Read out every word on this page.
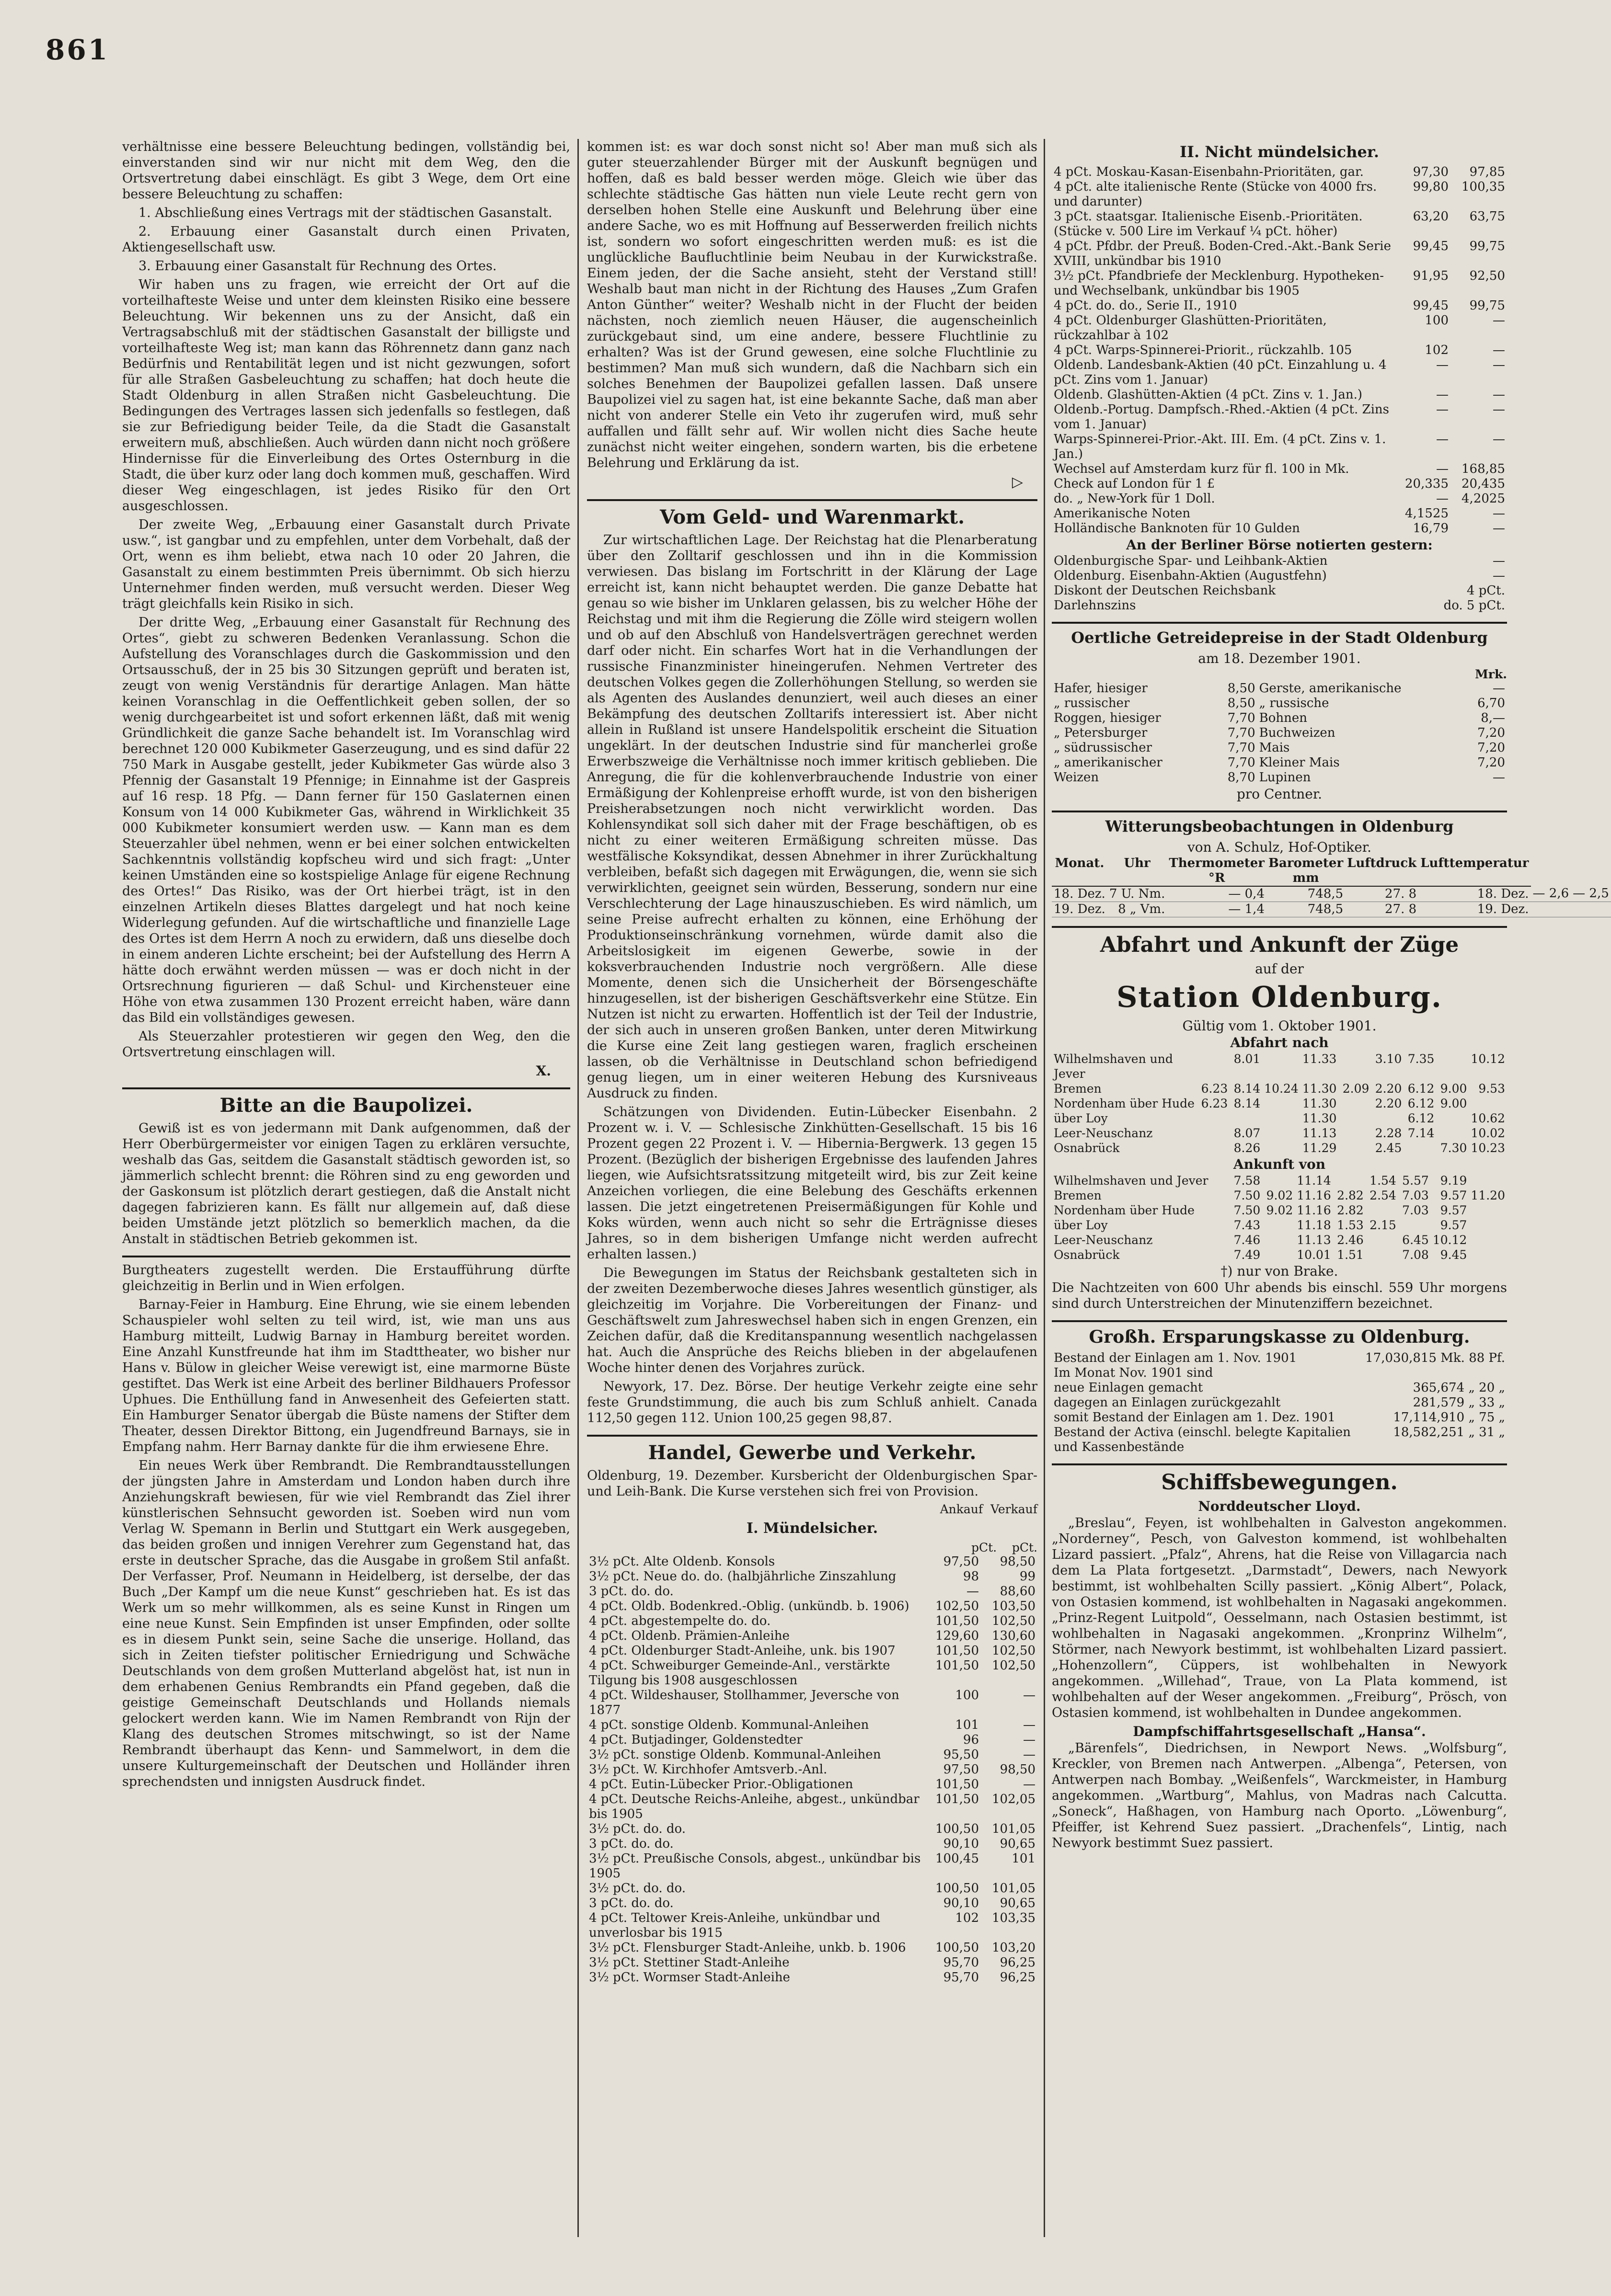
861

verhältnisse eine bessere Beleuchtung bedingen, vollständig bei, einverstanden sind wir nur nicht mit dem Weg, den die Ortsvertretung dabei einschlägt. Es gibt 3 Wege, dem Ort eine bessere Beleuchtung zu schaffen:

1. Abschließung eines Vertrags mit der städtischen Gasanstalt.

2. Erbauung einer Gasanstalt durch einen Privaten, Aktiengesellschaft usw.

3. Erbauung einer Gasanstalt für Rechnung des Ortes.

Wir haben uns zu fragen, wie erreicht der Ort auf die vorteilhafteste Weise und unter dem kleinsten Risiko eine bessere Beleuchtung. Wir bekennen uns zu der Ansicht, daß ein Vertragsabschluß mit der städtischen Gasanstalt der billigste und vorteilhafteste Weg ist; man kann das Röhrennetz dann ganz nach Bedürfnis und Rentabilität legen und ist nicht gezwungen, sofort für alle Straßen Gasbeleuchtung zu schaffen; hat doch heute die Stadt Oldenburg in allen Straßen nicht Gasbeleuchtung. Die Bedingungen des Vertrages lassen sich jedenfalls so festlegen, daß sie zur Befriedigung beider Teile, da die Stadt die Gasanstalt erweitern muß, abschließen. Auch würden dann nicht noch größere Hindernisse für die Einverleibung des Ortes Osternburg in die Stadt, die über kurz oder lang doch kommen muß, geschaffen. Wird dieser Weg eingeschlagen, ist jedes Risiko für den Ort ausgeschlossen.

Der zweite Weg, „Erbauung einer Gasanstalt durch Private usw.“, ist gangbar und zu empfehlen, unter dem Vorbehalt, daß der Ort, wenn es ihm beliebt, etwa nach 10 oder 20 Jahren, die Gasanstalt zu einem bestimmten Preis übernimmt. Ob sich hierzu Unternehmer finden werden, muß versucht werden. Dieser Weg trägt gleichfalls kein Risiko in sich.

Der dritte Weg, „Erbauung einer Gasanstalt für Rechnung des Ortes“, giebt zu schweren Bedenken Veranlassung. Schon die Aufstellung des Voranschlages durch die Gaskommission und den Ortsausschuß, der in 25 bis 30 Sitzungen geprüft und beraten ist, zeugt von wenig Verständnis für derartige Anlagen. Man hätte keinen Voranschlag in die Oeffentlichkeit geben sollen, der so wenig durchgearbeitet ist und sofort erkennen läßt, daß mit wenig Gründlichkeit die ganze Sache behandelt ist. Im Voranschlag wird berechnet 120 000 Kubikmeter Gaserzeugung, und es sind dafür 22 750 Mark in Ausgabe gestellt, jeder Kubikmeter Gas würde also 3 Pfennig der Gasanstalt 19 Pfennige; in Einnahme ist der Gaspreis auf 16 resp. 18 Pfg. — Dann ferner für 150 Gaslaternen einen Konsum von 14 000 Kubikmeter Gas, während in Wirklichkeit 35 000 Kubikmeter konsumiert werden usw. — Kann man es dem Steuerzahler übel nehmen, wenn er bei einer solchen entwickelten Sachkenntnis vollständig kopfscheu wird und sich fragt: „Unter keinen Umständen eine so kostspielige Anlage für eigene Rechnung des Ortes!“ Das Risiko, was der Ort hierbei trägt, ist in den einzelnen Artikeln dieses Blattes dargelegt und hat noch keine Widerlegung gefunden. Auf die wirtschaftliche und finanzielle Lage des Ortes ist dem Herrn A noch zu erwidern, daß uns dieselbe doch in einem anderen Lichte erscheint; bei der Aufstellung des Herrn A hätte doch erwähnt werden müssen — was er doch nicht in der Ortsrechnung figurieren — daß Schul- und Kirchensteuer eine Höhe von etwa zusammen 130 Prozent erreicht haben, wäre dann das Bild ein vollständiges gewesen.

Als Steuerzahler protestieren wir gegen den Weg, den die Ortsvertretung einschlagen will.

X.
Bitte an die Baupolizei.

Gewiß ist es von jedermann mit Dank aufgenommen, daß der Herr Oberbürgermeister vor einigen Tagen zu erklären versuchte, weshalb das Gas, seitdem die Gasanstalt städtisch geworden ist, so jämmerlich schlecht brennt: die Röhren sind zu eng geworden und der Gaskonsum ist plötzlich derart gestiegen, daß die Anstalt nicht dagegen fabrizieren kann. Es fällt nur allgemein auf, daß diese beiden Umstände jetzt plötzlich so bemerklich machen, da die Anstalt in städtischen Betrieb gekommen ist.

Burgtheaters zugestellt werden. Die Erstaufführung dürfte gleichzeitig in Berlin und in Wien erfolgen.

Barnay-Feier in Hamburg. Eine Ehrung, wie sie einem lebenden Schauspieler wohl selten zu teil wird, ist, wie man uns aus Hamburg mitteilt, Ludwig Barnay in Hamburg bereitet worden. Eine Anzahl Kunstfreunde hat ihm im Stadttheater, wo bisher nur Hans v. Bülow in gleicher Weise verewigt ist, eine marmorne Büste gestiftet. Das Werk ist eine Arbeit des berliner Bildhauers Professor Uphues. Die Enthüllung fand in Anwesenheit des Gefeierten statt. Ein Hamburger Senator übergab die Büste namens der Stifter dem Theater, dessen Direktor Bittong, ein Jugendfreund Barnays, sie in Empfang nahm. Herr Barnay dankte für die ihm erwiesene Ehre.

Ein neues Werk über Rembrandt. Die Rembrandtausstellungen der jüngsten Jahre in Amsterdam und London haben durch ihre Anziehungskraft bewiesen, für wie viel Rembrandt das Ziel ihrer künstlerischen Sehnsucht geworden ist. Soeben wird nun vom Verlag W. Spemann in Berlin und Stuttgart ein Werk ausgegeben, das beiden großen und innigen Verehrer zum Gegenstand hat, das erste in deutscher Sprache, das die Ausgabe in großem Stil anfaßt. Der Verfasser, Prof. Neumann in Heidelberg, ist derselbe, der das Buch „Der Kampf um die neue Kunst“ geschrieben hat. Es ist das Werk um so mehr willkommen, als es seine Kunst in Ringen um eine neue Kunst. Sein Empfinden ist unser Empfinden, oder sollte es in diesem Punkt sein, seine Sache die unserige. Holland, das sich in Zeiten tiefster politischer Erniedrigung und Schwäche Deutschlands von dem großen Mutterland abgelöst hat, ist nun in dem erhabenen Genius Rembrandts ein Pfand gegeben, daß die geistige Gemeinschaft Deutschlands und Hollands niemals gelockert werden kann. Wie im Namen Rembrandt von Rijn der Klang des deutschen Stromes mitschwingt, so ist der Name Rembrandt überhaupt das Kenn- und Sammelwort, in dem die unsere Kulturgemeinschaft der Deutschen und Holländer ihren sprechendsten und innigsten Ausdruck findet.

kommen ist: es war doch sonst nicht so! Aber man muß sich als guter steuerzahlender Bürger mit der Auskunft begnügen und hoffen, daß es bald besser werden möge. Gleich wie über das schlechte städtische Gas hätten nun viele Leute recht gern von derselben hohen Stelle eine Auskunft und Belehrung über eine andere Sache, wo es mit Hoffnung auf Besserwerden freilich nichts ist, sondern wo sofort eingeschritten werden muß: es ist die unglückliche Baufluchtlinie beim Neubau in der Kurwickstraße. Einem jeden, der die Sache ansieht, steht der Verstand still! Weshalb baut man nicht in der Richtung des Hauses „Zum Grafen Anton Günther“ weiter? Weshalb nicht in der Flucht der beiden nächsten, noch ziemlich neuen Häuser, die augenscheinlich zurückgebaut sind, um eine andere, bessere Fluchtlinie zu erhalten? Was ist der Grund gewesen, eine solche Fluchtlinie zu bestimmen? Man muß sich wundern, daß die Nachbarn sich ein solches Benehmen der Baupolizei gefallen lassen. Daß unsere Baupolizei viel zu sagen hat, ist eine bekannte Sache, daß man aber nicht von anderer Stelle ein Veto ihr zugerufen wird, muß sehr auffallen und fällt sehr auf. Wir wollen nicht dies Sache heute zunächst nicht weiter eingehen, sondern warten, bis die erbetene Belehrung und Erklärung da ist.

▷
Vom Geld- und Warenmarkt.

Zur wirtschaftlichen Lage. Der Reichstag hat die Plenarberatung über den Zolltarif geschlossen und ihn in die Kommission verwiesen. Das bislang im Fortschritt in der Klärung der Lage erreicht ist, kann nicht behauptet werden. Die ganze Debatte hat genau so wie bisher im Unklaren gelassen, bis zu welcher Höhe der Reichstag und mit ihm die Regierung die Zölle wird steigern wollen und ob auf den Abschluß von Handelsverträgen gerechnet werden darf oder nicht. Ein scharfes Wort hat in die Verhandlungen der russische Finanzminister hineingerufen. Nehmen Vertreter des deutschen Volkes gegen die Zollerhöhungen Stellung, so werden sie als Agenten des Auslandes denunziert, weil auch dieses an einer Bekämpfung des deutschen Zolltarifs interessiert ist. Aber nicht allein in Rußland ist unsere Handelspolitik erscheint die Situation ungeklärt. In der deutschen Industrie sind für mancherlei große Erwerbszweige die Verhältnisse noch immer kritisch geblieben. Die Anregung, die für die kohlenverbrauchende Industrie von einer Ermäßigung der Kohlenpreise erhofft wurde, ist von den bisherigen Preisherabsetzungen noch nicht verwirklicht worden. Das Kohlensyndikat soll sich daher mit der Frage beschäftigen, ob es nicht zu einer weiteren Ermäßigung schreiten müsse. Das westfälische Koksyndikat, dessen Abnehmer in ihrer Zurückhaltung verbleiben, befaßt sich dagegen mit Erwägungen, die, wenn sie sich verwirklichten, geeignet sein würden, Besserung, sondern nur eine Verschlechterung der Lage hinauszuschieben. Es wird nämlich, um seine Preise aufrecht erhalten zu können, eine Erhöhung der Produktionseinschränkung vornehmen, würde damit also die Arbeitslosigkeit im eigenen Gewerbe, sowie in der koksverbrauchenden Industrie noch vergrößern. Alle diese Momente, denen sich die Unsicherheit der Börsengeschäfte hinzugesellen, ist der bisherigen Geschäftsverkehr eine Stütze. Ein Nutzen ist nicht zu erwarten. Hoffentlich ist der Teil der Industrie, der sich auch in unseren großen Banken, unter deren Mitwirkung die Kurse eine Zeit lang gestiegen waren, fraglich erscheinen lassen, ob die Verhältnisse in Deutschland schon befriedigend genug liegen, um in einer weiteren Hebung des Kursniveaus Ausdruck zu finden.

Schätzungen von Dividenden. Eutin-Lübecker Eisenbahn. 2 Prozent w. i. V. — Schlesische Zinkhütten-Gesellschaft. 15 bis 16 Prozent gegen 22 Prozent i. V. — Hibernia-Bergwerk. 13 gegen 15 Prozent. (Bezüglich der bisherigen Ergebnisse des laufenden Jahres liegen, wie Aufsichtsratssitzung mitgeteilt wird, bis zur Zeit keine Anzeichen vorliegen, die eine Belebung des Geschäfts erkennen lassen. Die jetzt eingetretenen Preisermäßigungen für Kohle und Koks würden, wenn auch nicht so sehr die Erträgnisse dieses Jahres, so in dem bisherigen Umfange nicht werden aufrecht erhalten lassen.)

Die Bewegungen im Status der Reichsbank gestalteten sich in der zweiten Dezemberwoche dieses Jahres wesentlich günstiger, als gleichzeitig im Vorjahre. Die Vorbereitungen der Finanz- und Geschäftswelt zum Jahreswechsel haben sich in engen Grenzen, ein Zeichen dafür, daß die Kreditanspannung wesentlich nachgelassen hat. Auch die Ansprüche des Reichs blieben in der abgelaufenen Woche hinter denen des Vorjahres zurück.

Newyork, 17. Dez. Börse. Der heutige Verkehr zeigte eine sehr feste Grundstimmung, die auch bis zum Schluß anhielt. Canada 112,50 gegen 112. Union 100,25 gegen 98,87.

Handel, Gewerbe und Verkehr.

Oldenburg, 19. Dezember. Kursbericht der Oldenburgischen Spar- und Leih-Bank. Die Kurse verstehen sich frei von Provision.

Ankauf Verkauf
I. Mündelsicher.
pCt. pCt.
3½ pCt. Alte Oldenb. Konsols	97,50	98,50
3½ pCt. Neue do. do. (halbjährliche Zinszahlung	98	99
3 pCt. do. do.	—	88,60
4 pCt. Oldb. Bodenkred.-Oblig. (unkündb. b. 1906)	102,50	103,50
4 pCt. abgestempelte do. do.	101,50	102,50
4 pCt. Oldenb. Prämien-Anleihe	129,60	130,60
4 pCt. Oldenburger Stadt-Anleihe, unk. bis 1907	101,50	102,50
4 pCt. Schweiburger Gemeinde-Anl., verstärkte Tilgung bis 1908 ausgeschlossen	101,50	102,50
4 pCt. Wildeshauser, Stollhammer, Jeversche von 1877	100	—
4 pCt. sonstige Oldenb. Kommunal-Anleihen	101	—
4 pCt. Butjadinger, Goldenstedter	96	—
3½ pCt. sonstige Oldenb. Kommunal-Anleihen	95,50	—
3½ pCt. W. Kirchhofer Amtsverb.-Anl.	97,50	98,50
4 pCt. Eutin-Lübecker Prior.-Obligationen	101,50	—
4 pCt. Deutsche Reichs-Anleihe, abgest., unkündbar bis 1905	101,50	102,05
3½ pCt. do. do.	100,50	101,05
3 pCt. do. do.	90,10	90,65
3½ pCt. Preußische Consols, abgest., unkündbar bis 1905	100,45	101
3½ pCt. do. do.	100,50	101,05
3 pCt. do. do.	90,10	90,65
4 pCt. Teltower Kreis-Anleihe, unkündbar und unverlosbar bis 1915	102	103,35
3½ pCt. Flensburger Stadt-Anleihe, unkb. b. 1906	100,50	103,20
3½ pCt. Stettiner Stadt-Anleihe	95,70	96,25
3½ pCt. Wormser Stadt-Anleihe	95,70	96,25
II. Nicht mündelsicher.
4 pCt. Moskau-Kasan-Eisenbahn-Prioritäten, gar.	97,30	97,85
4 pCt. alte italienische Rente (Stücke von 4000 frs. und darunter)	99,80	100,35
3 pCt. staatsgar. Italienische Eisenb.-Prioritäten. (Stücke v. 500 Lire im Verkauf ¼ pCt. höher)	63,20	63,75
4 pCt. Pfdbr. der Preuß. Boden-Cred.-Akt.-Bank Serie XVIII, unkündbar bis 1910	99,45	99,75
3½ pCt. Pfandbriefe der Mecklenburg. Hypotheken- und Wechselbank, unkündbar bis 1905	91,95	92,50
4 pCt. do. do., Serie II., 1910	99,45	99,75
4 pCt. Oldenburger Glashütten-Prioritäten, rückzahlbar à 102	100	—
4 pCt. Warps-Spinnerei-Priorit., rückzahlb. 105	102	—
Oldenb. Landesbank-Aktien (40 pCt. Einzahlung u. 4 pCt. Zins vom 1. Januar)	—	—
Oldenb. Glashütten-Aktien (4 pCt. Zins v. 1. Jan.)	—	—
Oldenb.-Portug. Dampfsch.-Rhed.-Aktien (4 pCt. Zins vom 1. Januar)	—	—
Warps-Spinnerei-Prior.-Akt. III. Em. (4 pCt. Zins v. 1. Jan.)	—	—
Wechsel auf Amsterdam kurz für fl. 100 in Mk.	—	168,85
Check auf London für 1 £	20,335	20,435
do. „ New-York für 1 Doll.	—	4,2025
Amerikanische Noten	4,1525	—
Holländische Banknoten für 10 Gulden	16,79	—
An der Berliner Börse notierten gestern:
Oldenburgische Spar- und Leihbank-Aktien	—
Oldenburg. Eisenbahn-Aktien (Augustfehn)	—
Diskont der Deutschen Reichsbank	4 pCt.
Darlehnszins	do. 5 pCt.
Oertliche Getreidepreise in der Stadt Oldenburg
am 18. Dezember 1901.
Mrk.
Hafer, hiesiger	8,50	Gerste, amerikanische	—
„ russischer	8,50	„ russische	6,70
Roggen, hiesiger	7,70	Bohnen	8,—
„ Petersburger	7,70	Buchweizen	7,20
„ südrussischer	7,70	Mais	7,20
„ amerikanischer	7,70	Kleiner Mais	7,20
Weizen	8,70	Lupinen	—
pro Centner.
Witterungsbeobachtungen in Oldenburg
von A. Schulz, Hof-Optiker.
Monat.	Uhr	Thermometer °R	Barometer mm	Luftdruck	Lufttemperatur		
18. Dez.	7 U. Nm.	— 0,4	748,5	27. 8	18. Dez.	— 2,6	— 2,5
19. Dez.	8 „ Vm.	— 1,4	748,5	27. 8	19. Dez.		
Abfahrt und Ankunft der Züge
auf der
Station Oldenburg.
Gültig vom 1. Oktober 1901.
Abfahrt nach
Wilhelmshaven und Jever		8.01		11.33		3.10	7.35		10.12
Bremen	6.23	8.14	10.24	11.30	2.09	2.20	6.12	9.00	9.53
Nordenham über Hude	6.23	8.14		11.30		2.20	6.12	9.00	
über Loy				11.30			6.12		10.62
Leer-Neuschanz		8.07		11.13		2.28	7.14		10.02
Osnabrück		8.26		11.29		2.45		7.30	10.23
Ankunft von
Wilhelmshaven und Jever	7.58		11.14		1.54	5.57	9.19	
Bremen	7.50	9.02	11.16	2.82	2.54	7.03	9.57	11.20
Nordenham über Hude	7.50	9.02	11.16	2.82		7.03	9.57	
über Loy	7.43		11.18	1.53	2.15		9.57	
Leer-Neuschanz	7.46		11.13	2.46		6.45	10.12	
Osnabrück	7.49		10.01	1.51		7.08	9.45	
†) nur von Brake.

Die Nachtzeiten von 600 Uhr abends bis einschl. 559 Uhr morgens sind durch Unterstreichen der Minutenziffern bezeichnet.

Großh. Ersparungskasse zu Oldenburg.
Bestand der Einlagen am 1. Nov. 1901	17,030,815 Mk. 88 Pf.
Im Monat Nov. 1901 sind	
neue Einlagen gemacht	365,674 „ 20 „
dagegen an Einlagen zurückgezahlt	281,579 „ 33 „
somit Bestand der Einlagen am 1. Dez. 1901	17,114,910 „ 75 „
Bestand der Activa (einschl. belegte Kapitalien und Kassenbestände	18,582,251 „ 31 „
Schiffsbewegungen.
Norddeutscher Lloyd.

„Breslau“, Feyen, ist wohlbehalten in Galveston angekommen. „Norderney“, Pesch, von Galveston kommend, ist wohlbehalten Lizard passiert. „Pfalz“, Ahrens, hat die Reise von Villagarcia nach dem La Plata fortgesetzt. „Darmstadt“, Dewers, nach Newyork bestimmt, ist wohlbehalten Scilly passiert. „König Albert“, Polack, von Ostasien kommend, ist wohlbehalten in Nagasaki angekommen. „Prinz-Regent Luitpold“, Oesselmann, nach Ostasien bestimmt, ist wohlbehalten in Nagasaki angekommen. „Kronprinz Wilhelm“, Störmer, nach Newyork bestimmt, ist wohlbehalten Lizard passiert. „Hohenzollern“, Cüppers, ist wohlbehalten in Newyork angekommen. „Willehad“, Traue, von La Plata kommend, ist wohlbehalten auf der Weser angekommen. „Freiburg“, Prösch, von Ostasien kommend, ist wohlbehalten in Dundee angekommen.

Dampfschiffahrtsgesellschaft „Hansa“.

„Bärenfels“, Diedrichsen, in Newport News. „Wolfsburg“, Kreckler, von Bremen nach Antwerpen. „Albenga“, Petersen, von Antwerpen nach Bombay. „Weißenfels“, Warckmeister, in Hamburg angekommen. „Wartburg“, Mahlus, von Madras nach Calcutta. „Soneck“, Haßhagen, von Hamburg nach Oporto. „Löwenburg“, Pfeiffer, ist Kehrend Suez passiert. „Drachenfels“, Lintig, nach Newyork bestimmt Suez passiert.
